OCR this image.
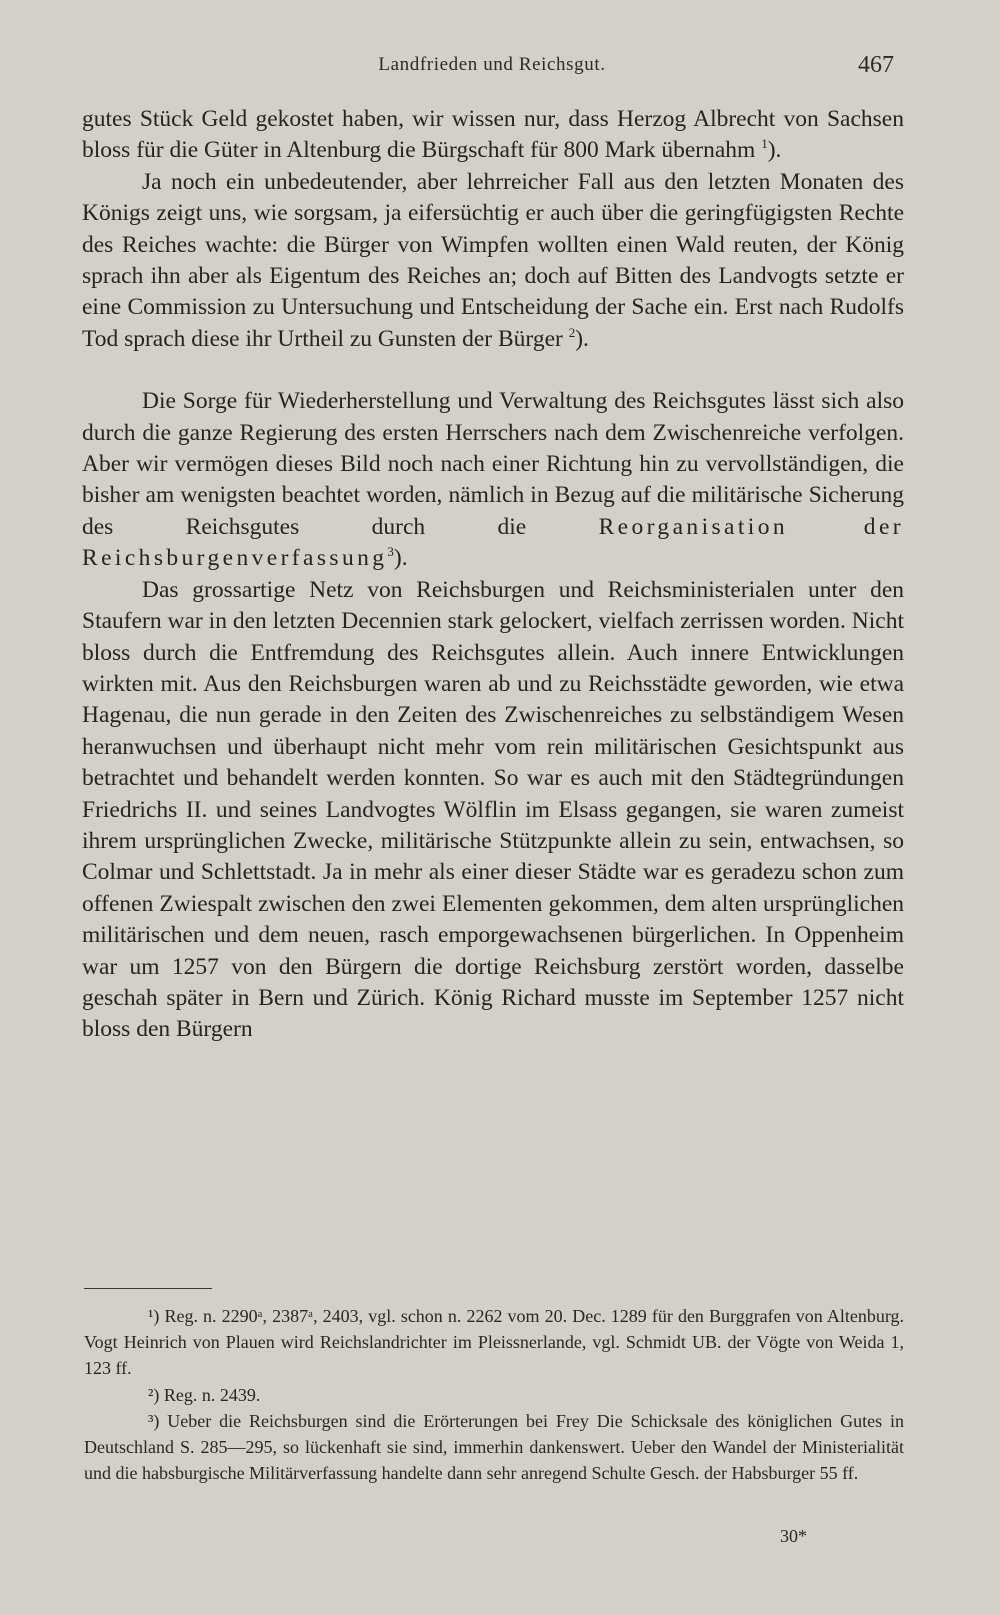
Landfrieden und Reichsgut.	467

gutes Stück Geld gekostet haben, wir wissen nur, dass Herzog Albrecht von Sachsen bloss für die Güter in Altenburg die Bürgschaft für 800 Mark übernahm $^1$).

Ja noch ein unbedeutender, aber lehrreicher Fall aus den letzten Monaten des Königs zeigt uns, wie sorgsam, ja eifersüchtig er auch über die geringfügigsten Rechte des Reiches wachte: die Bürger von Wimpfen wollten einen Wald reuten, der König sprach ihn aber als Eigentum des Reiches an; doch auf Bitten des Landvogts setzte er eine Commission zu Untersuchung und Entscheidung der Sache ein. Erst nach Rudolfs Tod sprach diese ihr Urtheil zu Gunsten der Bürger $^2$).

Die Sorge für Wiederherstellung und Verwaltung des Reichsgutes lässt sich also durch die ganze Regierung des ersten Herrschers nach dem Zwischenreiche verfolgen. Aber wir vermögen dieses Bild noch nach einer Richtung hin zu vervollständigen, die bisher am wenigsten beachtet worden, nämlich in Bezug auf die militärische Sicherung des Reichsgutes durch die	Reorganisation der Reichsburgenverfassung$^3$).

Das grossartige Netz von Reichsburgen und Reichsministerialen unter den Staufern war in den letzten Decennien stark gelockert, vielfach zerrissen worden. Nicht bloss durch die Entfremdung des Reichsgutes allein. Auch innere Entwicklungen wirkten mit. Aus den Reichsburgen waren ab und zu Reichsstädte geworden, wie etwa Hagenau, die nun gerade in den Zeiten des Zwischenreiches zu selbständigem Wesen heranwuchsen und überhaupt nicht mehr vom rein militärischen Gesichtspunkt aus betrachtet und behandelt werden konnten. So war es auch mit den Städtegründungen Friedrichs II. und seines Landvogtes Wölflin im Elsass gegangen, sie waren zumeist ihrem ursprünglichen Zwecke, militärische Stützpunkte allein zu sein, entwachsen, so Colmar und Schlettstadt. Ja in mehr als einer dieser Städte war es geradezu schon zum offenen Zwiespalt zwischen den zwei Elementen gekommen, dem alten ursprünglichen militärischen und dem neuen, rasch emporgewachsenen bürgerlichen. In Oppenheim war um 1257 von den Bürgern die dortige Reichsburg zerstört worden, dasselbe geschah später in Bern und Zürich. König Richard musste im September 1257 nicht bloss den Bürgern

¹) Reg. n. 2290ᵃ, 2387ᵃ, 2403, vgl. schon n. 2262 vom 20. Dec. 1289 für den Burggrafen von Altenburg. Vogt Heinrich von Plauen wird Reichslandrichter im Pleissnerlande, vgl. Schmidt UB. der Vögte von Weida 1, 123 ff.

²) Reg. n. 2439.

³) Ueber die Reichsburgen sind die Erörterungen bei Frey Die Schicksale des königlichen Gutes in Deutschland S. 285—295, so lückenhaft sie sind, immerhin dankenswert. Ueber den Wandel der Ministerialität und die habsburgische Militärverfassung handelte dann sehr anregend Schulte Gesch. der Habsburger 55 ff.

30*
